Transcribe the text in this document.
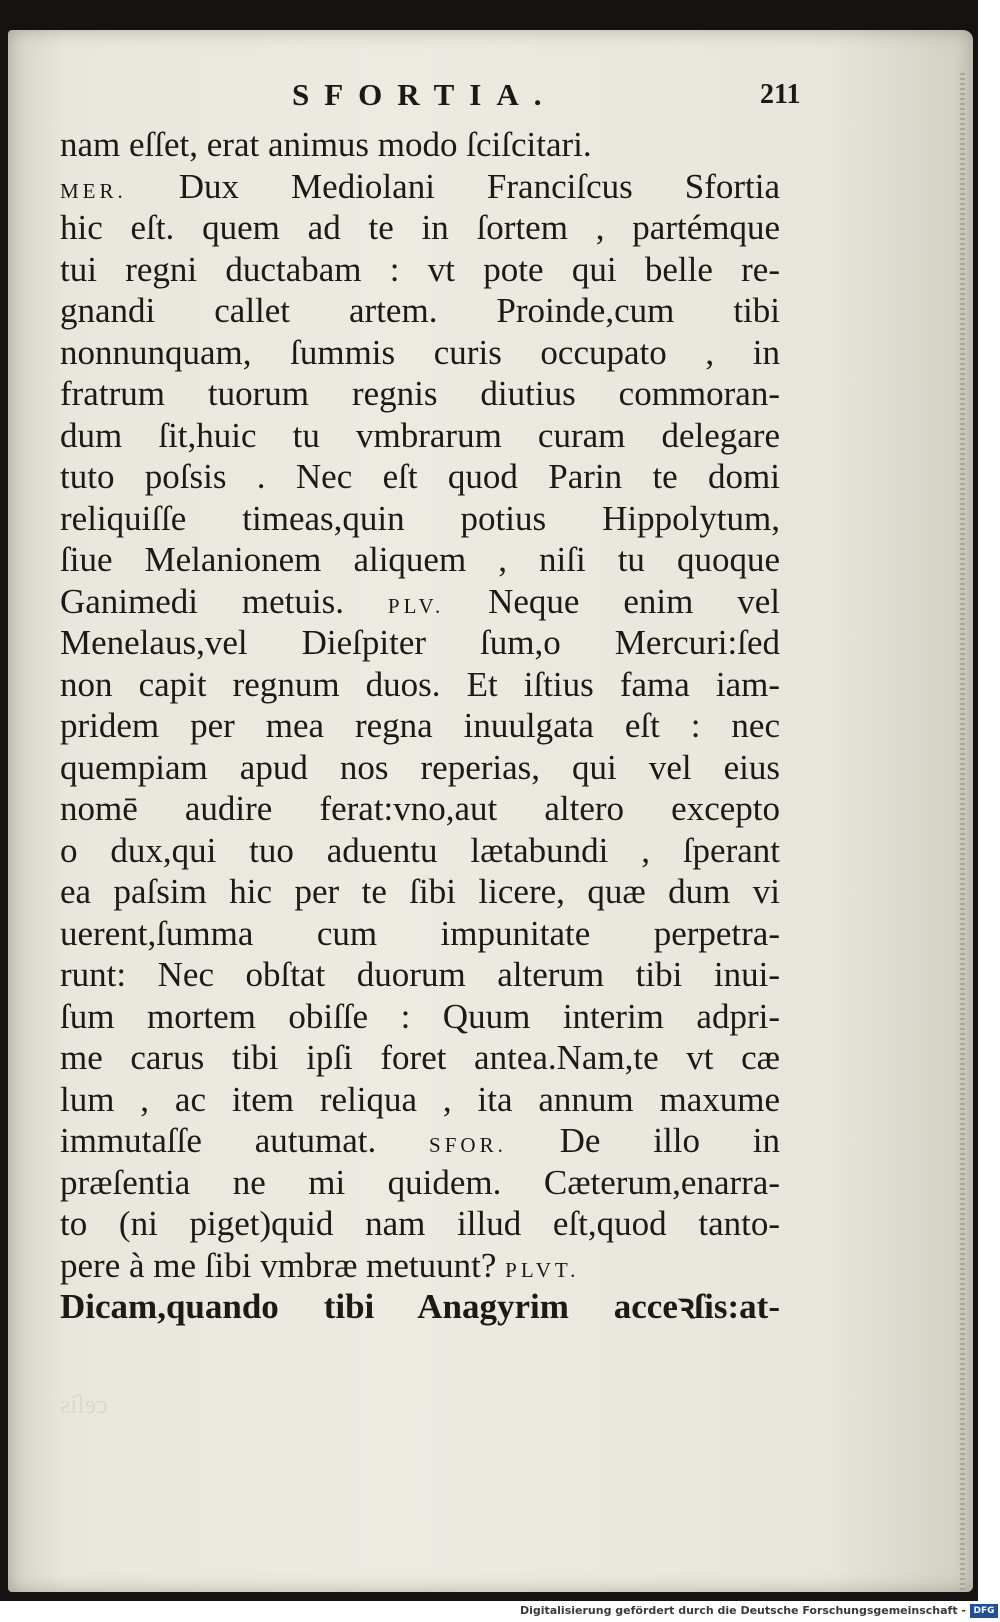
SFORTIA.	211
nam eſſet, erat animus modo ſciſcitari.
MER. Dux Mediolani Franciſcus Sfortia
hic eſt. quem ad te in ſortem , partémque
tui regni ductabam : vt pote qui belle re-
gnandi callet artem. Proinde,cum tibi
nonnunquam, ſummis curis occupato , in
fratrum tuorum regnis diutius commoran-
dum ſit,huic tu vmbrarum curam delegare
tuto poſsis . Nec eſt quod Parin te domi
reliquiſſe timeas,quin potius Hippolytum,
ſiue Melanionem aliquem , niſi tu quoque
Ganimedi metuis. PLV. Neque enim vel
Menelaus,vel Dieſpiter ſum,o Mercuri:ſed
non capit regnum duos. Et iſtius fama iam-
pridem per mea regna inuulgata eſt : nec
quempiam apud nos reperias, qui vel eius
nomē audire ferat:vno,aut altero excepto
o dux,qui tuo aduentu lætabundi , ſperant
ea paſsim hic per te ſibi licere, quæ dum vi
uerent,ſumma cum impunitate perpetra-
runt: Nec obſtat duorum alterum tibi inui-
ſum mortem obiſſe : Quum interim adpri-
me carus tibi ipſi foret antea.Nam,te vt cæ
lum , ac item reliqua , ita annum maxume
immutaſſe autumat. SFOR. De illo in
præſentia ne mi quidem. Cæterum,enarra-
to (ni piget)quid nam illud eſt,quod tanto-
pere à me ſibi vmbræ metuunt? PLVT.
Dicam,quando tibi Anagyrim acceꝛſis:at-
ceſis
Digitalisierung gefördert durch die Deutsche Forschungsgemeinschaft - DFG
